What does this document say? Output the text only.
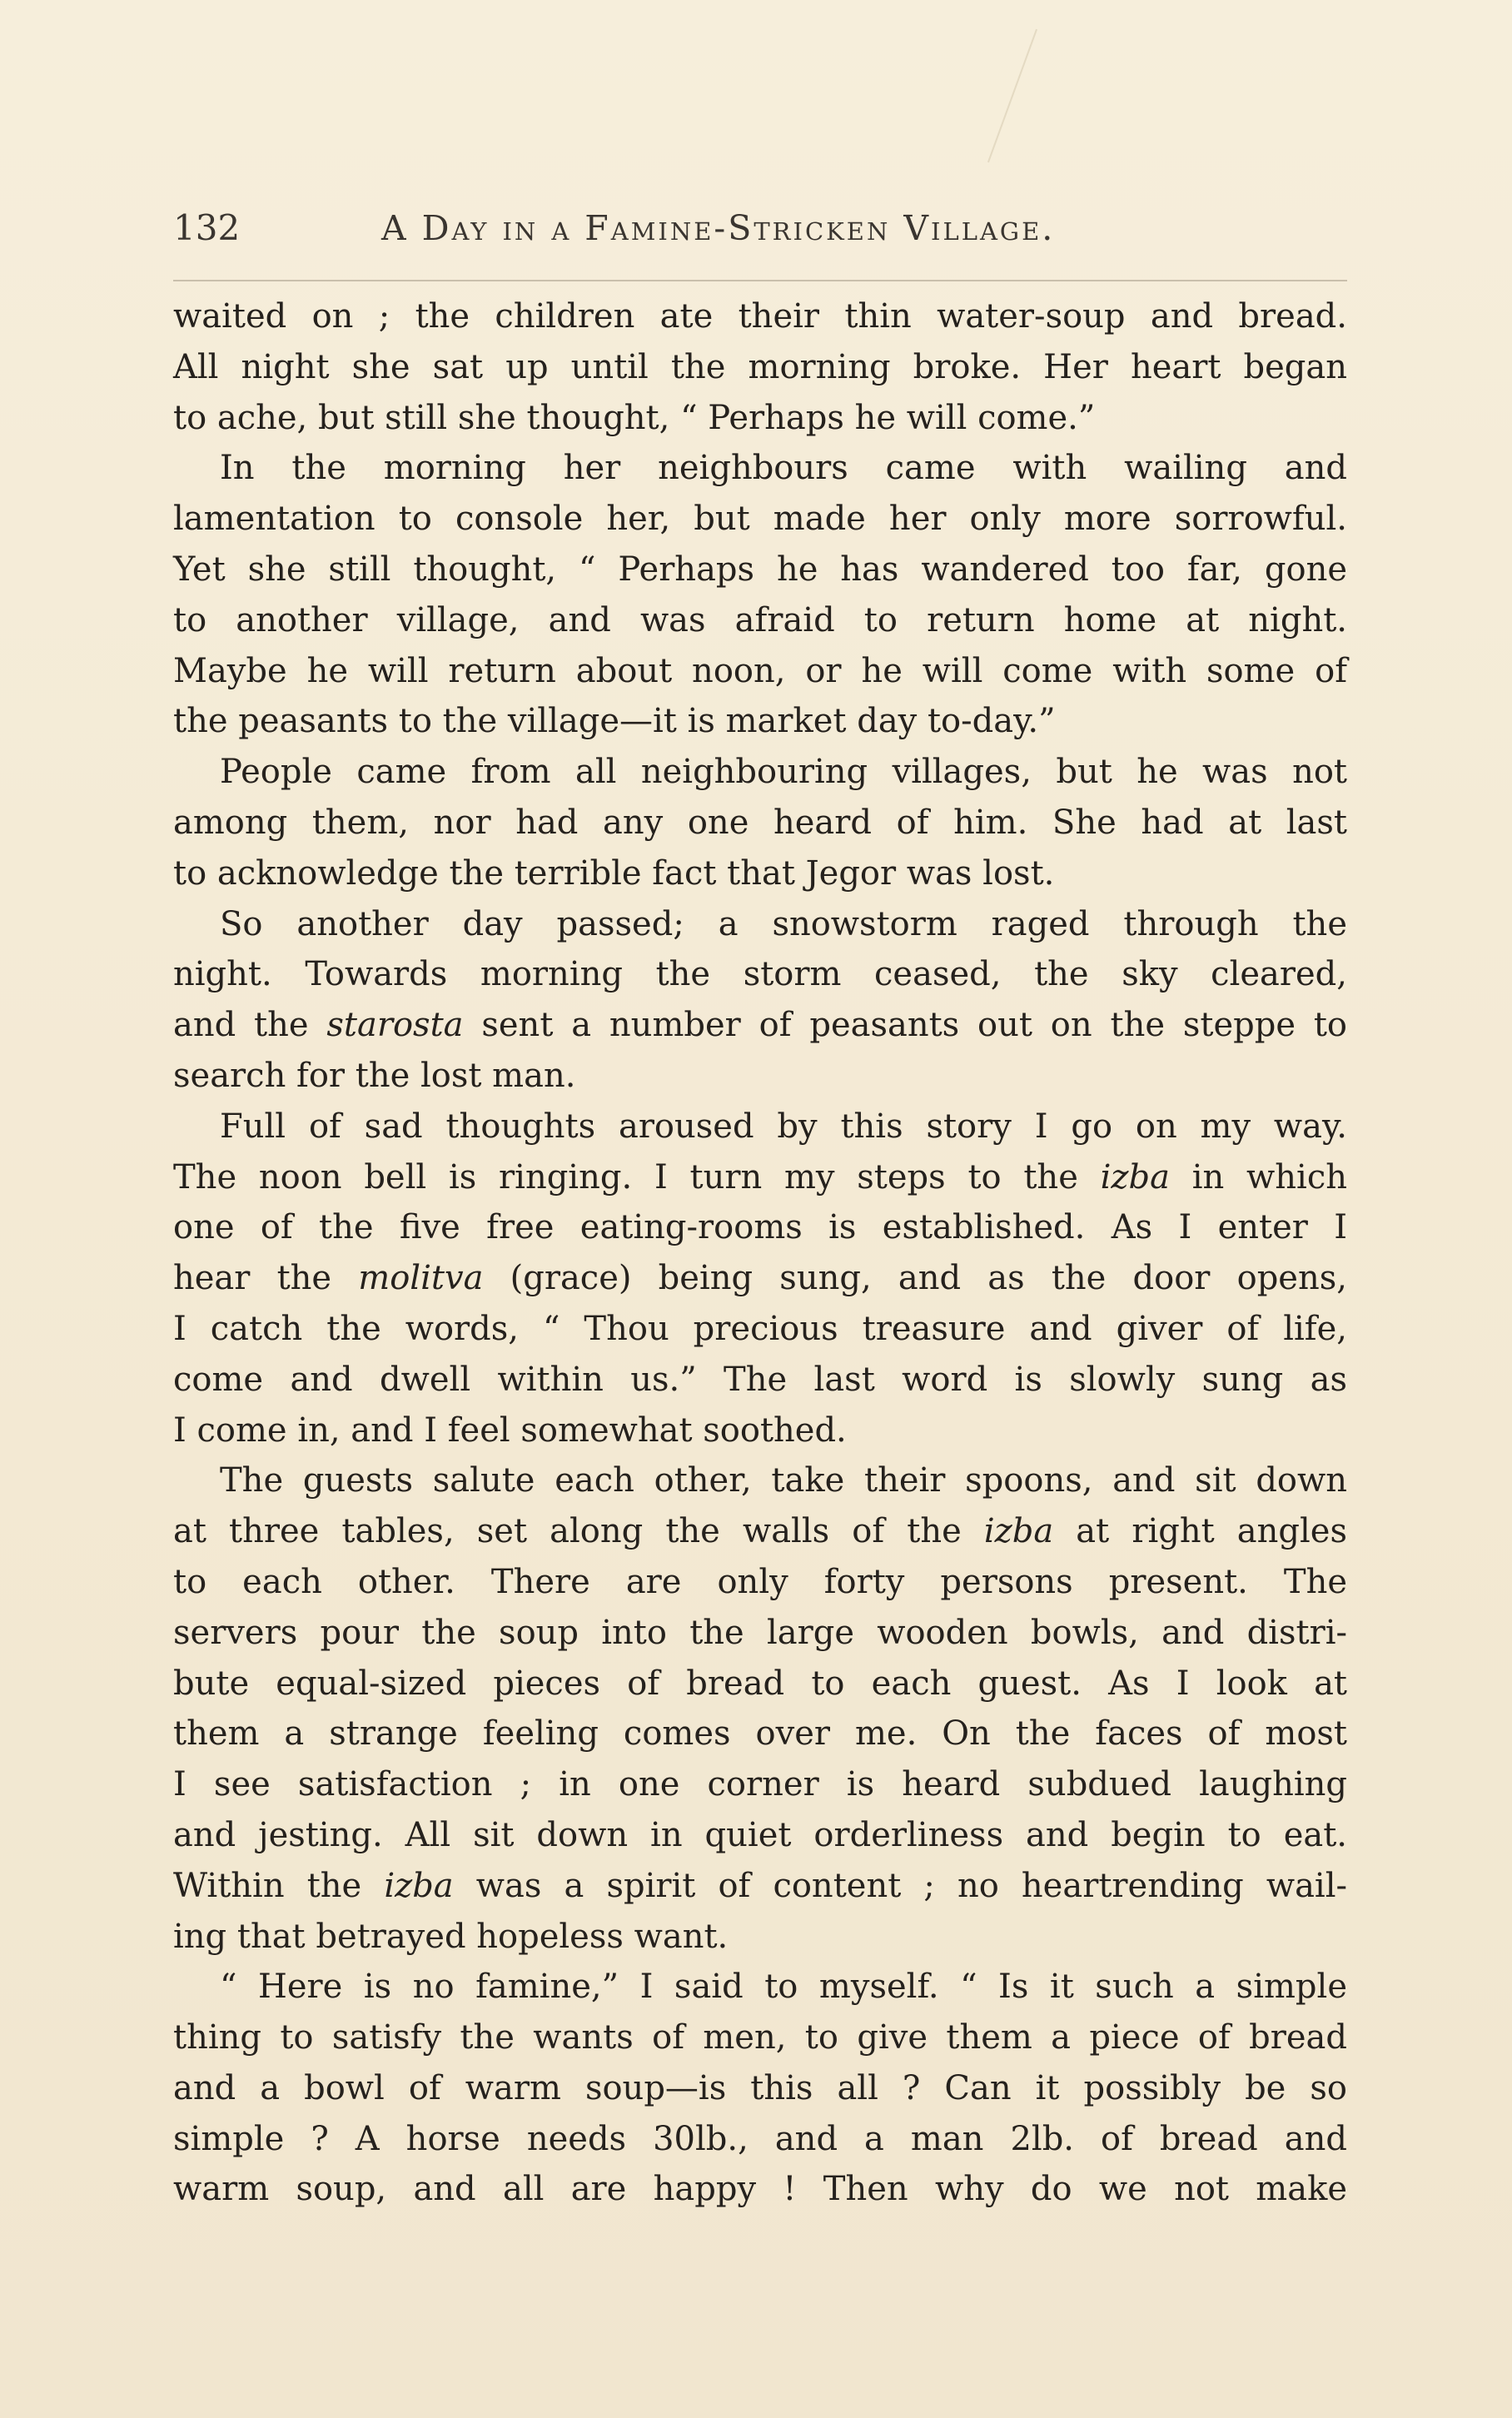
132	A Day in a Famine-Stricken Village.
waited on ; the children ate their thin water-soup and bread.
All night she sat up until the morning broke. Her heart began
to ache, but still she thought, “ Perhaps he will come.”
In the morning her neighbours came with wailing and
lamentation to console her, but made her only more sorrowful.
Yet she still thought, “ Perhaps he has wandered too far, gone
to another village, and was afraid to return home at night.
Maybe he will return about noon, or he will come with some of
the peasants to the village—it is market day to-day.”
People came from all neighbouring villages, but he was not
among them, nor had any one heard of him. She had at last
to acknowledge the terrible fact that Jegor was lost.
So another day passed; a snowstorm raged through the
night. Towards morning the storm ceased, the sky cleared,
and the starosta sent a number of peasants out on the steppe to
search for the lost man.
Full of sad thoughts aroused by this story I go on my way.
The noon bell is ringing. I turn my steps to the izba in which
one of the five free eating-rooms is established. As I enter I
hear the molitva (grace) being sung, and as the door opens,
I catch the words, “ Thou precious treasure and giver of life,
come and dwell within us.” The last word is slowly sung as
I come in, and I feel somewhat soothed.
The guests salute each other, take their spoons, and sit down
at three tables, set along the walls of the izba at right angles
to each other. There are only forty persons present. The
servers pour the soup into the large wooden bowls, and distri-
bute equal-sized pieces of bread to each guest. As I look at
them a strange feeling comes over me. On the faces of most
I see satisfaction ; in one corner is heard subdued laughing
and jesting. All sit down in quiet orderliness and begin to eat.
Within the izba was a spirit of content ; no heartrending wail-
ing that betrayed hopeless want.
“ Here is no famine,” I said to myself. “ Is it such a simple
thing to satisfy the wants of men, to give them a piece of bread
and a bowl of warm soup—is this all ? Can it possibly be so
simple ? A horse needs 30lb., and a man 2lb. of bread and
warm soup, and all are happy ! Then why do we not make
